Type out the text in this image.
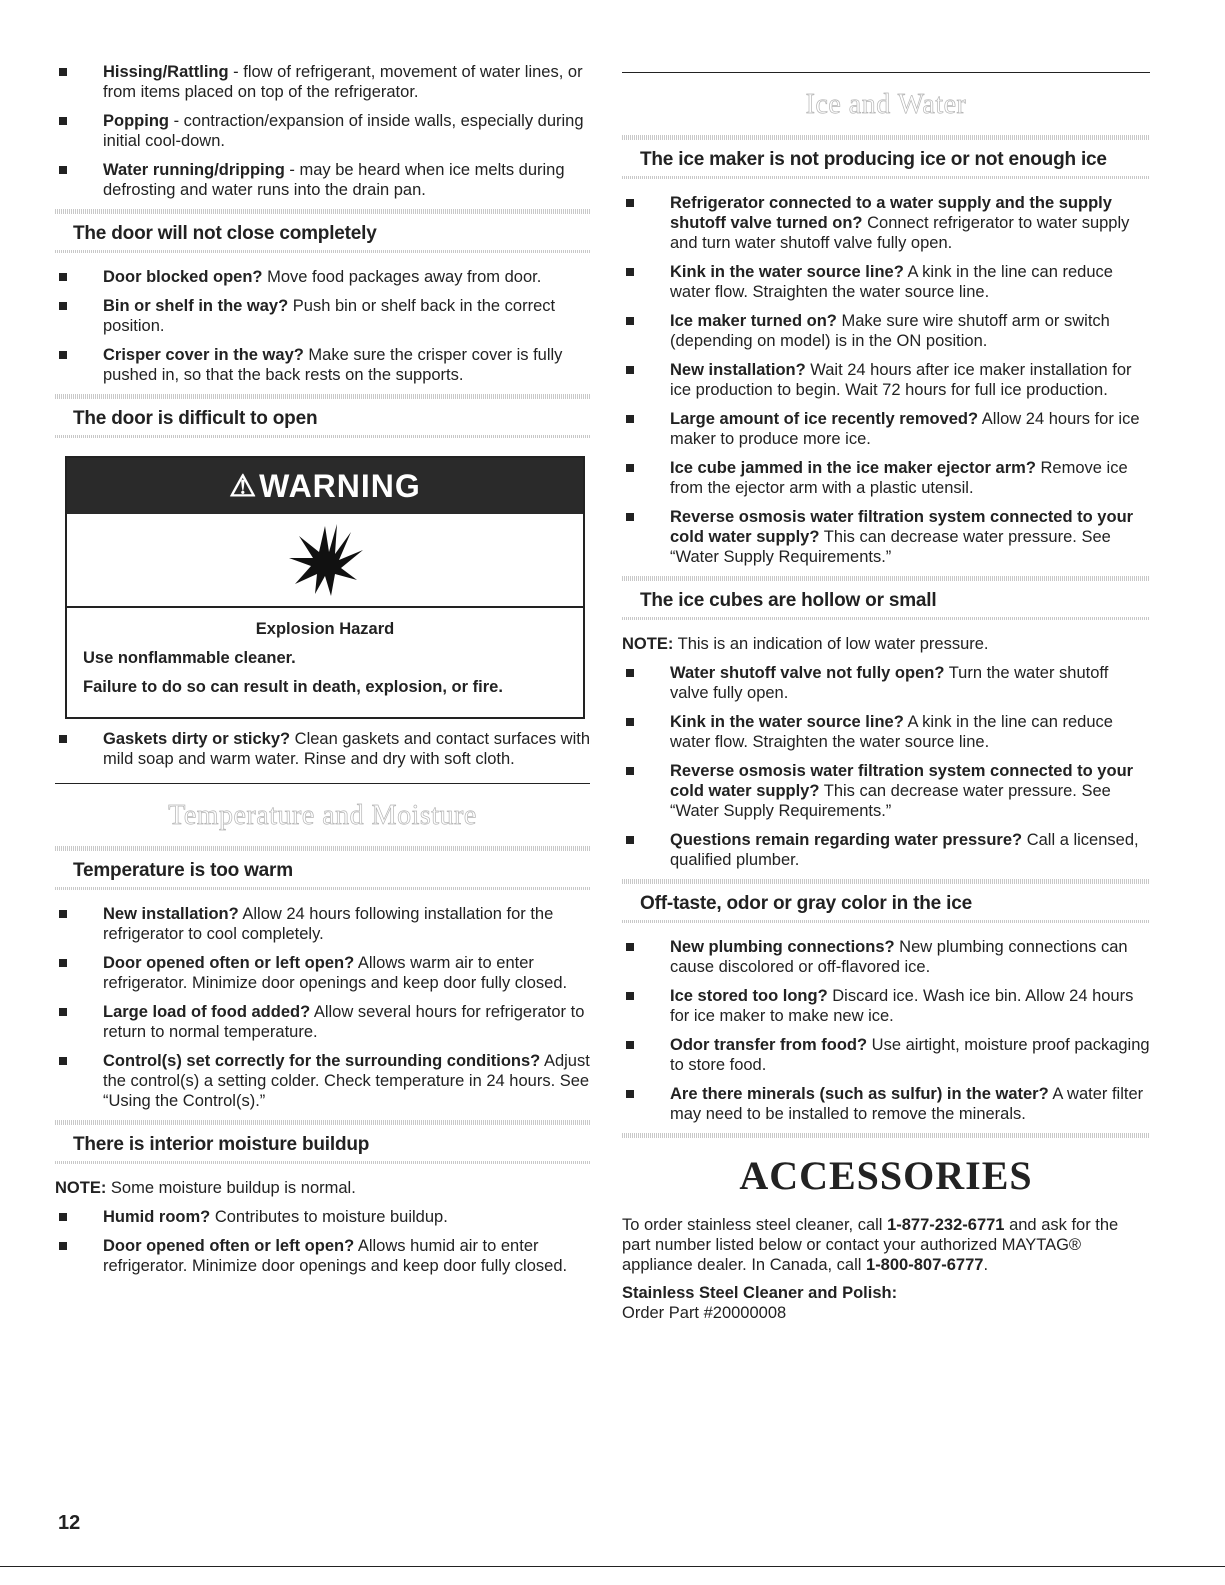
Hissing/Rattling - flow of refrigerant, movement of water lines, or from items placed on top of the refrigerator.
Popping - contraction/expansion of inside walls, especially during initial cool-down.
Water running/dripping - may be heard when ice melts during defrosting and water runs into the drain pan.
The door will not close completely
Door blocked open? Move food packages away from door.
Bin or shelf in the way? Push bin or shelf back in the correct position.
Crisper cover in the way? Make sure the crisper cover is fully pushed in, so that the back rests on the supports.
The door is difficult to open
⚠ WARNING
Explosion Hazard

Use nonflammable cleaner.

Failure to do so can result in death, explosion, or fire.

Gaskets dirty or sticky? Clean gaskets and contact surfaces with mild soap and warm water. Rinse and dry with soft cloth.
Temperature and Moisture
Temperature is too warm
New installation? Allow 24 hours following installation for the refrigerator to cool completely.
Door opened often or left open? Allows warm air to enter refrigerator. Minimize door openings and keep door fully closed.
Large load of food added? Allow several hours for refrigerator to return to normal temperature.
Control(s) set correctly for the surrounding conditions? Adjust the control(s) a setting colder. Check temperature in 24 hours. See “Using the Control(s).”
There is interior moisture buildup
NOTE: Some moisture buildup is normal.
Humid room? Contributes to moisture buildup.
Door opened often or left open? Allows humid air to enter refrigerator. Minimize door openings and keep door fully closed.
Ice and Water
The ice maker is not producing ice or not enough ice
Refrigerator connected to a water supply and the supply shutoff valve turned on? Connect refrigerator to water supply and turn water shutoff valve fully open.
Kink in the water source line? A kink in the line can reduce water flow. Straighten the water source line.
Ice maker turned on? Make sure wire shutoff arm or switch (depending on model) is in the ON position.
New installation? Wait 24 hours after ice maker installation for ice production to begin. Wait 72 hours for full ice production.
Large amount of ice recently removed? Allow 24 hours for ice maker to produce more ice.
Ice cube jammed in the ice maker ejector arm? Remove ice from the ejector arm with a plastic utensil.
Reverse osmosis water filtration system connected to your cold water supply? This can decrease water pressure. See “Water Supply Requirements.”
The ice cubes are hollow or small
NOTE: This is an indication of low water pressure.
Water shutoff valve not fully open? Turn the water shutoff valve fully open.
Kink in the water source line? A kink in the line can reduce water flow. Straighten the water source line.
Reverse osmosis water filtration system connected to your cold water supply? This can decrease water pressure. See “Water Supply Requirements.”
Questions remain regarding water pressure? Call a licensed, qualified plumber.
Off-taste, odor or gray color in the ice
New plumbing connections? New plumbing connections can cause discolored or off-flavored ice.
Ice stored too long? Discard ice. Wash ice bin. Allow 24 hours for ice maker to make new ice.
Odor transfer from food? Use airtight, moisture proof packaging to store food.
Are there minerals (such as sulfur) in the water? A water filter may need to be installed to remove the minerals.
ACCESSORIES
To order stainless steel cleaner, call 1-877-232-6771 and ask for the part number listed below or contact your authorized MAYTAG® appliance dealer. In Canada, call 1-800-807-6777.
Stainless Steel Cleaner and Polish:
Order Part #20000008
12
